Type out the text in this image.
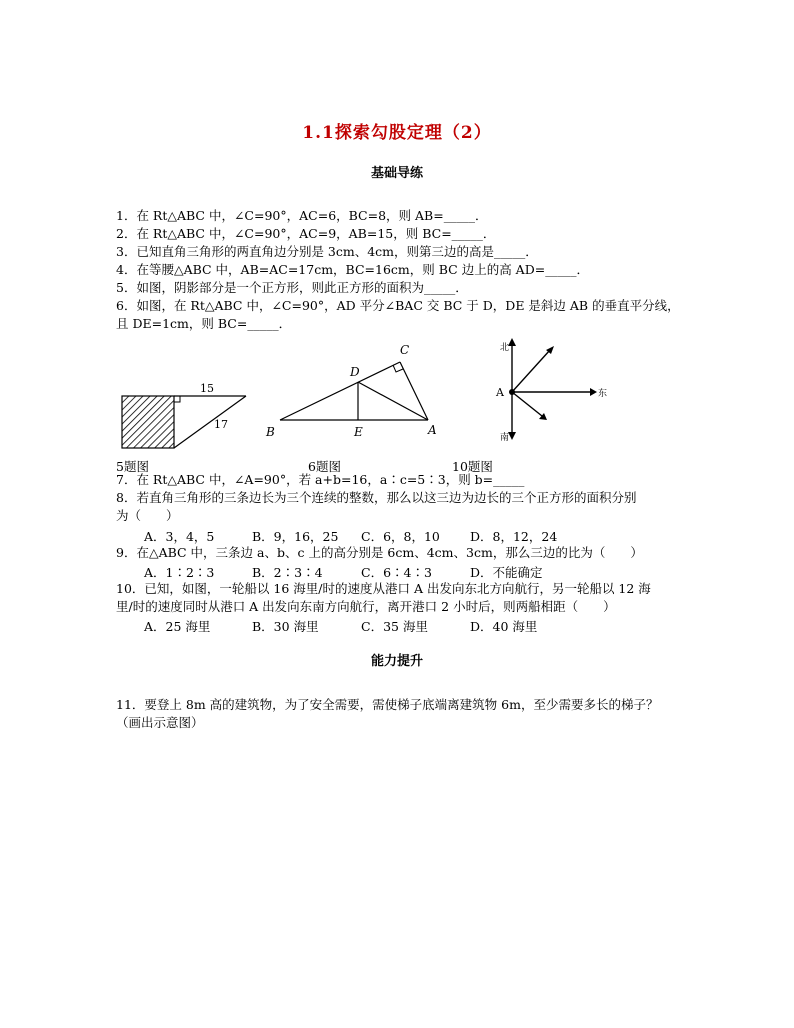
1.1探索勾股定理（2）
基础导练
1．在 Rt△ABC 中，∠C=90°，AC=6，BC=8，则 AB=_____．
2．在 Rt△ABC 中，∠C=90°，AC=9，AB=15，则 BC=_____．
3．已知直角三角形的两直角边分别是 3cm、4cm，则第三边的高是_____．
4．在等腰△ABC 中，AB=AC=17cm，BC=16cm，则 BC 边上的高 AD=_____．
5．如图，阴影部分是一个正方形，则此正方形的面积为_____．
6．如图，在 Rt△ABC 中，∠C=90°，AD 平分∠BAC 交 BC 于 D，DE 是斜边 AB 的垂直平分线，
且 DE=1cm，则 BC=_____．
15
17
B	A
C
D
E
A
北
东
南
5题图	6题图	10题图
7．在 Rt△ABC 中，∠A=90°，若 a+b=16，a∶c=5∶3，则 b=_____
8．若直角三角形的三条边长为三个连续的整数，那么以这三边为边长的三个正方形的面积分别
为（　　）
A．3，4，5	B．9，16，25 C．6，8，10 D．8，12，24
9．在△ABC 中，三条边 a、b、c 上的高分别是 6cm、4cm、3cm，那么三边的比为（　　）
A．1∶2∶3	B．2∶3∶4	C．6∶4∶3	D．不能确定
10．已知，如图，一轮船以 16 海里/时的速度从港口 A 出发向东北方向航行，另一轮船以 12 海
里/时的速度同时从港口 A 出发向东南方向航行，离开港口 2 小时后，则两船相距（　　）
A．25 海里	B．30 海里	C．35 海里	D．40 海里
能力提升
11．要登上 8m 高的建筑物，为了安全需要，需使梯子底端离建筑物 6m，至少需要多长的梯子？
（画出示意图）
